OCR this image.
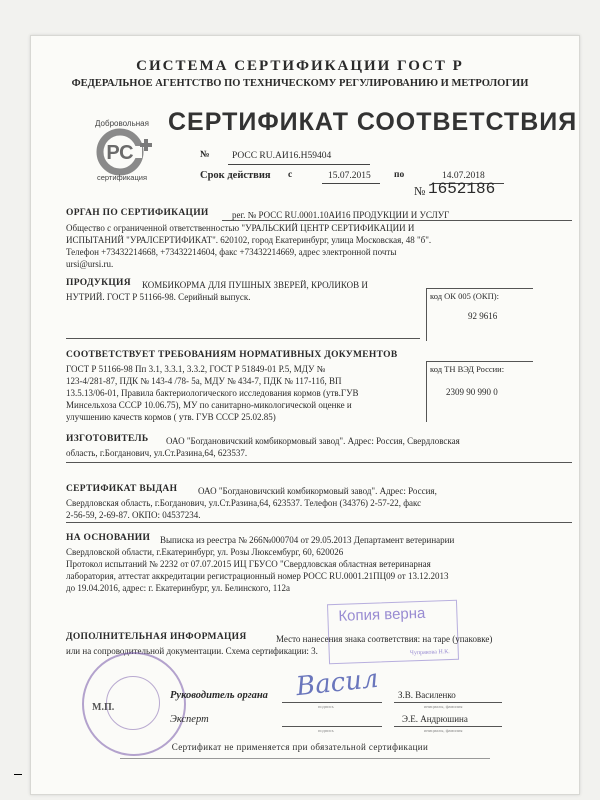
СИСТЕМА СЕРТИФИКАЦИИ ГОСТ Р
ФЕДЕРАЛЬНОЕ АГЕНТСТВО ПО ТЕХНИЧЕСКОМУ РЕГУЛИРОВАНИЮ И МЕТРОЛОГИИ
Добровольная
РС
сертификация
СЕРТИФИКАТ СООТВЕТСТВИЯ
№ РОСС RU.АИ16.Н59404
Срок действия с	15.07.2015 по	14.07.2018
№ 1652186
ОРГАН ПО СЕРТИФИКАЦИИ	рег. № РОСС RU.0001.10АИ16 ПРОДУКЦИИ И УСЛУГ
Общество с ограниченной ответственностью "УРАЛЬСКИЙ ЦЕНТР СЕРТИФИКАЦИИ И
ИСПЫТАНИЙ "УРАЛСЕРТИФИКАТ". 620102, город Екатеринбург, улица Московская, 48 "б".
Телефон +73432214668, +73432214604, факс +73432214669, адрес электронной почты
ursi@ursi.ru.
ПРОДУКЦИЯ КОМБИКОРМА ДЛЯ ПУШНЫХ ЗВЕРЕЙ, КРОЛИКОВ И
НУТРИЙ. ГОСТ Р 51166-98. Серийный выпуск.	код ОК 005 (ОКП):
92 9616
СООТВЕТСТВУЕТ ТРЕБОВАНИЯМ НОРМАТИВНЫХ ДОКУМЕНТОВ
ГОСТ Р 51166-98 Пп 3.1, 3.3.1, 3.3.2, ГОСТ Р 51849-01 Р.5, МДУ №
123-4/281-87, ПДК № 143-4 /78- 5а, МДУ № 434-7, ПДК № 117-11б, ВП
13.5.13/06-01, Правила бактериологического исследования кормов (утв.ГУВ
Минсельхоза СССР 10.06.75), МУ по санитарно-микологической оценке и
улучшению качеств кормов ( утв. ГУВ СССР 25.02.85)
код ТН ВЭД России:
2309 90 990 0
ИЗГОТОВИТЕЛЬ ОАО "Богдановичский комбикормовый завод". Адрес: Россия, Свердловская
область, г.Богданович, ул.Ст.Разина,64, 623537.
СЕРТИФИКАТ ВЫДАН ОАО "Богдановичский комбикормовый завод". Адрес: Россия,
Свердловская область, г.Богданович, ул.Ст.Разина,64, 623537. Телефон (34376) 2-57-22, факс
2-56-59, 2-69-87. ОКПО: 04537234.
НА ОСНОВАНИИ Выписка из реестра № 266№000704 от 29.05.2013 Департамент ветеринарии
Свердловской области, г.Екатеринбург, ул. Розы Люксембург, 60, 620026
Протокол испытаний № 2232 от 07.07.2015 ИЦ ГБУСО "Свердловская областная ветеринарная
лаборатория, аттестат аккредитации регистрационный номер РОСС RU.0001.21ПЦ09 от 13.12.2013
до 19.04.2016, адрес: г. Екатеринбург, ул. Белинского, 112а
Копия верна
Чупрякова Н.К.
ДОПОЛНИТЕЛЬНАЯ ИНФОРМАЦИЯ	Место нанесения знака соответствия: на таре (упаковке)
или на сопроводительной документации. Схема сертификации: 3.
М.П.
Руководитель органа
подпись
З.В. Василенко
инициалы, фамилия
Васил
Эксперт
подпись
Э.Е. Андрюшина
инициалы, фамилия
Сертификат не применяется при обязательной сертификации
